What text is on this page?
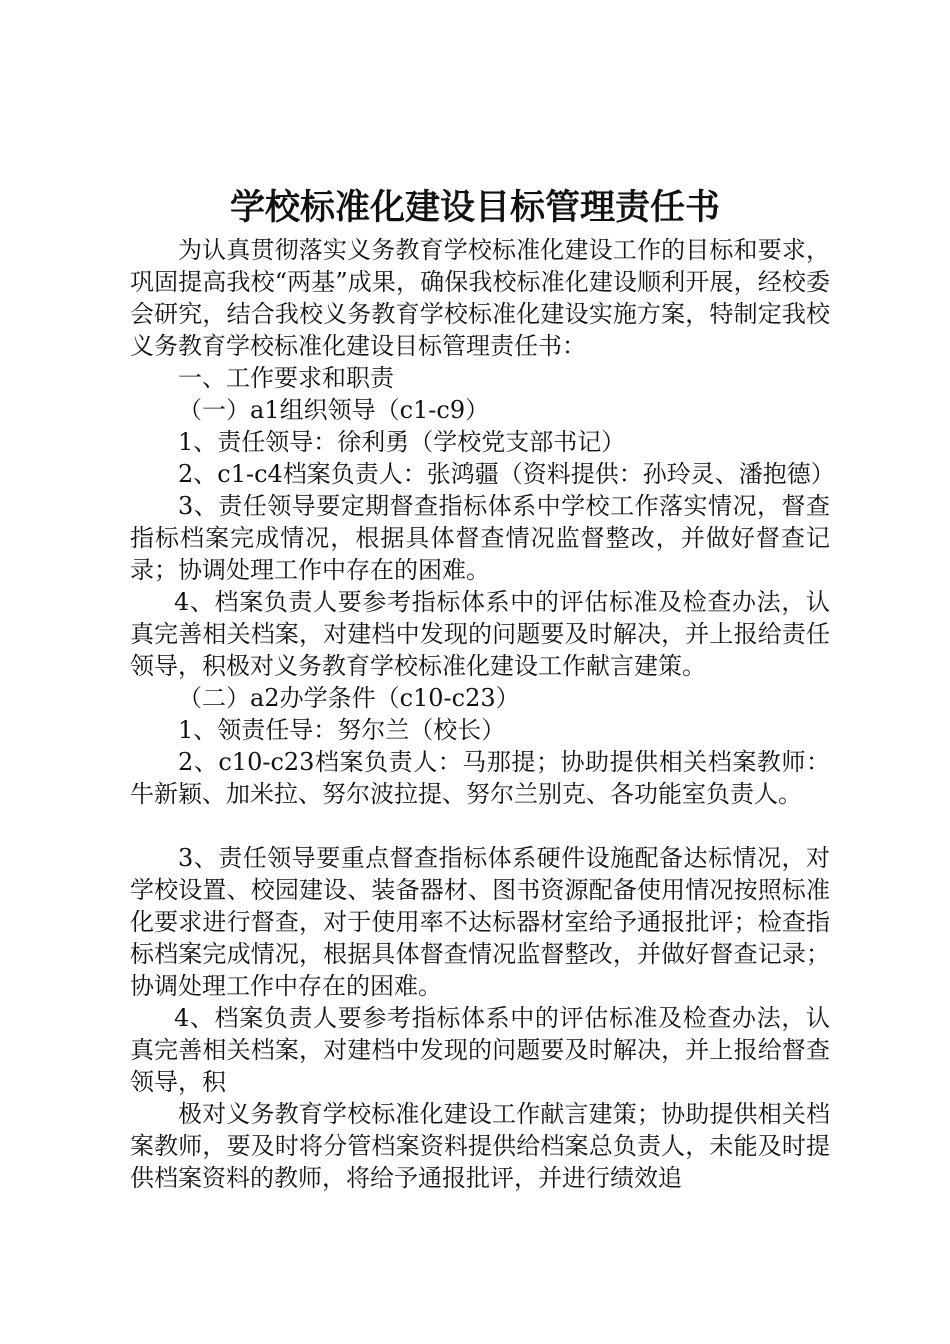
学校标准化建设目标管理责任书

为认真贯彻落实义务教育学校标准化建设工作的目标和要求，巩固提高我校“两基”成果，确保我校标准化建设顺利开展，经校委会研究，结合我校义务教育学校标准化建设实施方案，特制定我校义务教育学校标准化建设目标管理责任书：

一、工作要求和职责

（一）a1组织领导（c1-c9）

1、责任领导：徐利勇（学校党支部书记）

2、c1-c4档案负责人：张鸿疆（资料提供：孙玲灵、潘抱德）

3、责任领导要定期督查指标体系中学校工作落实情况，督查指标档案完成情况，根据具体督查情况监督整改，并做好督查记录；协调处理工作中存在的困难。

4、档案负责人要参考指标体系中的评估标准及检查办法，认真完善相关档案，对建档中发现的问题要及时解决，并上报给责任领导，积极对义务教育学校标准化建设工作献言建策。

（二）a2办学条件（c10-c23）

1、领责任导：努尔兰（校长）

2、c10-c23档案负责人：马那提；协助提供相关档案教师：牛新颖、加米拉、努尔波拉提、努尔兰别克、各功能室负责人。

3、责任领导要重点督查指标体系硬件设施配备达标情况，对学校设置、校园建设、装备器材、图书资源配备使用情况按照标准化要求进行督查，对于使用率不达标器材室给予通报批评；检查指标档案完成情况，根据具体督查情况监督整改，并做好督查记录；协调处理工作中存在的困难。

4、档案负责人要参考指标体系中的评估标准及检查办法，认真完善相关档案，对建档中发现的问题要及时解决，并上报给督查领导，积

极对义务教育学校标准化建设工作献言建策；协助提供相关档案教师，要及时将分管档案资料提供给档案总负责人，未能及时提供档案资料的教师，将给予通报批评，并进行绩效追
